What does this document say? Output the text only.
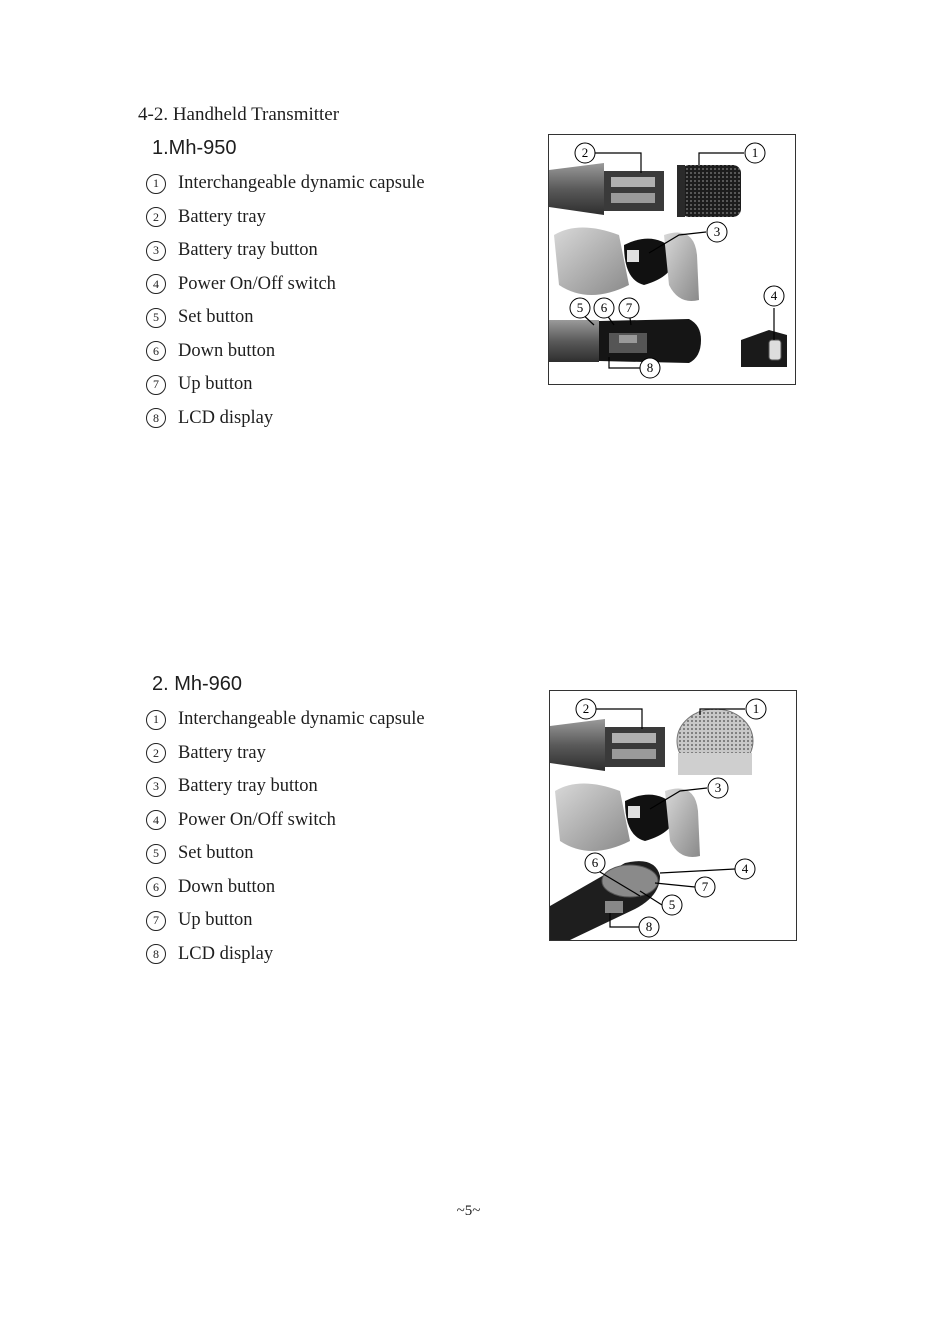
4-2. Handheld Transmitter
1.Mh-950
1	Interchangeable dynamic capsule
2	Battery tray
3	Battery tray button
4	Power On/Off switch
5	Set button
6	Down button
7	Up button
8	LCD display
2	1
3
4
5 6 7
8
2. Mh-960
1	Interchangeable dynamic capsule
2	Battery tray
3	Battery tray button
4	Power On/Off switch
5	Set button
6	Down button
7	Up button
8	LCD display
2	1
3
4
7
5
6
8
~5~
